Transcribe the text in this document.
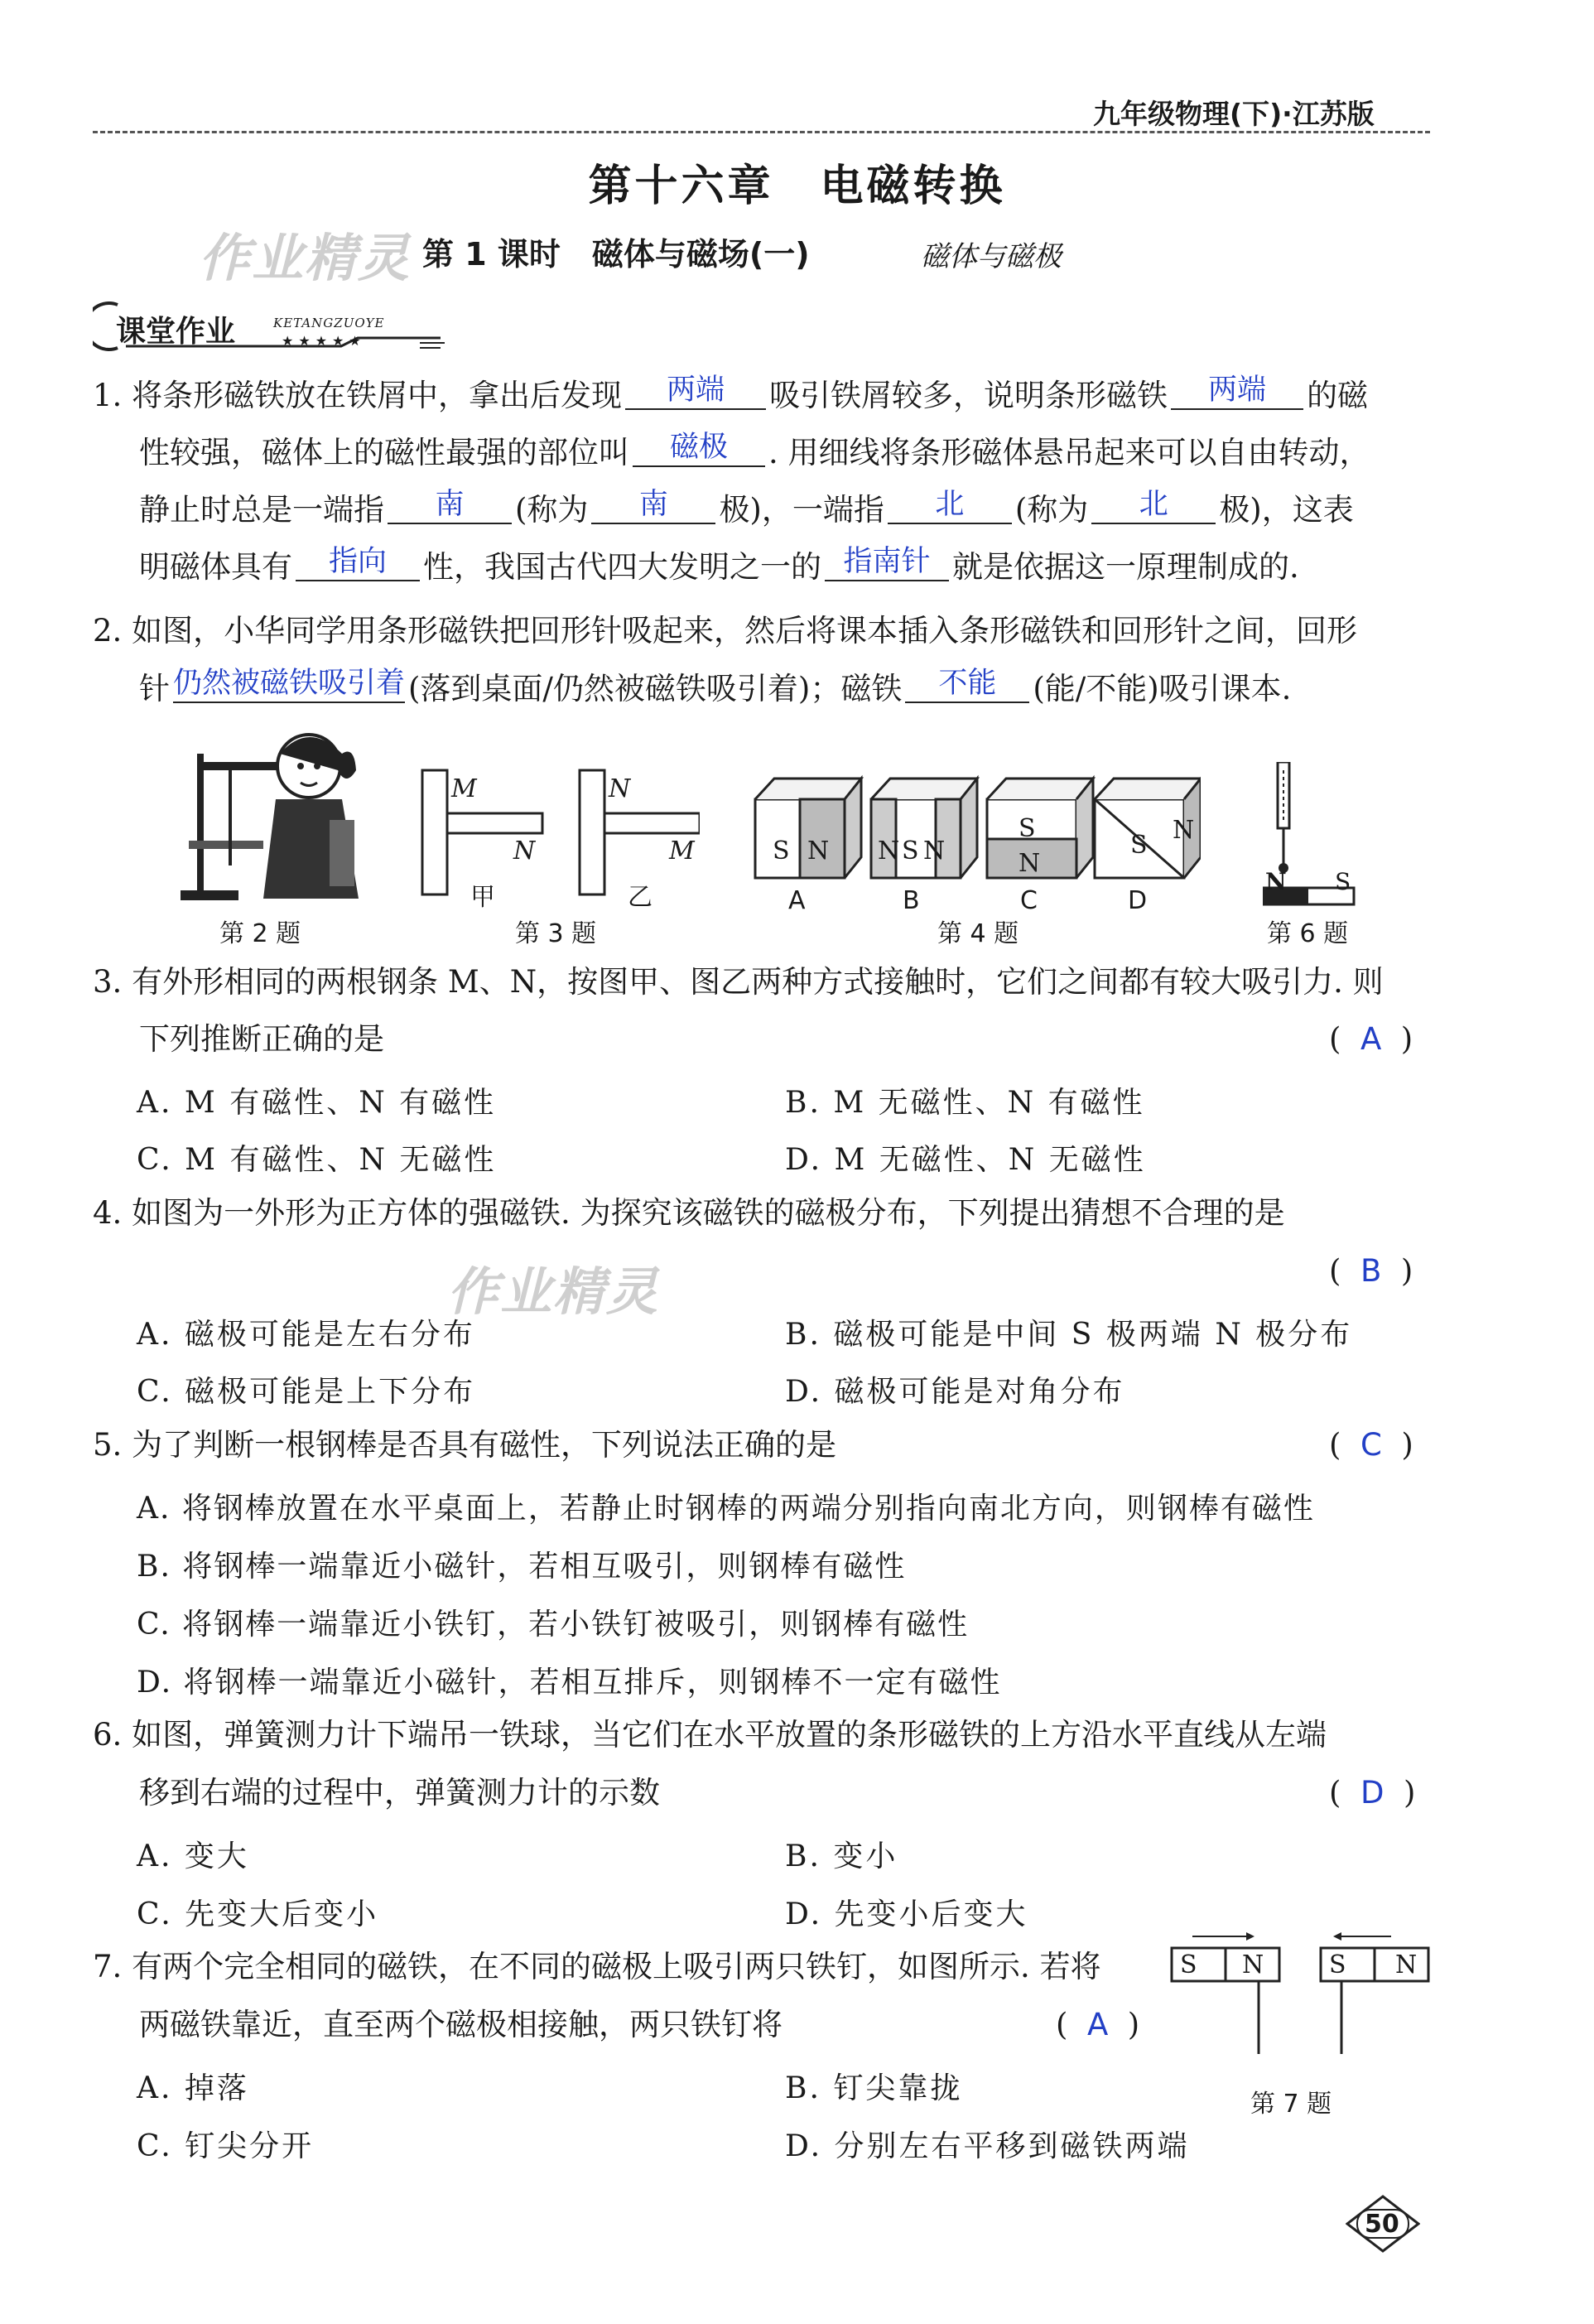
九年级物理(下)·江苏版
第十六章　电磁转换
作业精灵 第 1 课时　磁体与磁场(一)	磁体与磁极
课堂作业	KETANGZUOYE
★★★★★
1. 将条形磁铁放在铁屑中，拿出后发现 两端 吸引铁屑较多，说明条形磁铁 两端 的磁
性较强，磁体上的磁性最强的部位叫 磁极 . 用细线将条形磁体悬吊起来可以自由转动，
静止时总是一端指 南 (称为 南 极)，一端指 北 (称为 北 极)，这表
明磁体具有 指向 性，我国古代四大发明之一的 指南针 就是依据这一原理制成的.
2. 如图，小华同学用条形磁铁把回形针吸起来，然后将课本插入条形磁铁和回形针之间，回形
针 仍然被磁铁吸引着 (落到桌面/仍然被磁铁吸引着)；磁铁 不能 (能/不能)吸引课本.
第 2 题
M
N
N
M
甲	乙
第 3 题
S N N S N
S
N
S
N
A	B	C	D
第 4 题
N S
第 6 题
3. 有外形相同的两根钢条 M、N，按图甲、图乙两种方式接触时，它们之间都有较大吸引力. 则
下列推断正确的是	(  A  )
A. M 有磁性、N 有磁性	B. M 无磁性、N 有磁性
C. M 有磁性、N 无磁性	D. M 无磁性、N 无磁性
4. 如图为一外形为正方体的强磁铁. 为探究该磁铁的磁极分布，下列提出猜想不合理的是
作业精灵	(  B  )
A. 磁极可能是左右分布	B. 磁极可能是中间 S 极两端 N 极分布
C. 磁极可能是上下分布	D. 磁极可能是对角分布
5. 为了判断一根钢棒是否具有磁性，下列说法正确的是	(  C  )
A. 将钢棒放置在水平桌面上，若静止时钢棒的两端分别指向南北方向，则钢棒有磁性
B. 将钢棒一端靠近小磁针，若相互吸引，则钢棒有磁性
C. 将钢棒一端靠近小铁钉，若小铁钉被吸引，则钢棒有磁性
D. 将钢棒一端靠近小磁针，若相互排斥，则钢棒不一定有磁性
6. 如图，弹簧测力计下端吊一铁球，当它们在水平放置的条形磁铁的上方沿水平直线从左端
移到右端的过程中，弹簧测力计的示数	(  D  )
A. 变大	B. 变小
C. 先变大后变小	D. 先变小后变大
7. 有两个完全相同的磁铁，在不同的磁极上吸引两只铁钉，如图所示. 若将
两磁铁靠近，直至两个磁极相接触，两只铁钉将	(  A  )
S N	S N
第 7 题
A. 掉落	B. 钉尖靠拢
C. 钉尖分开	D. 分别左右平移到磁铁两端
50
